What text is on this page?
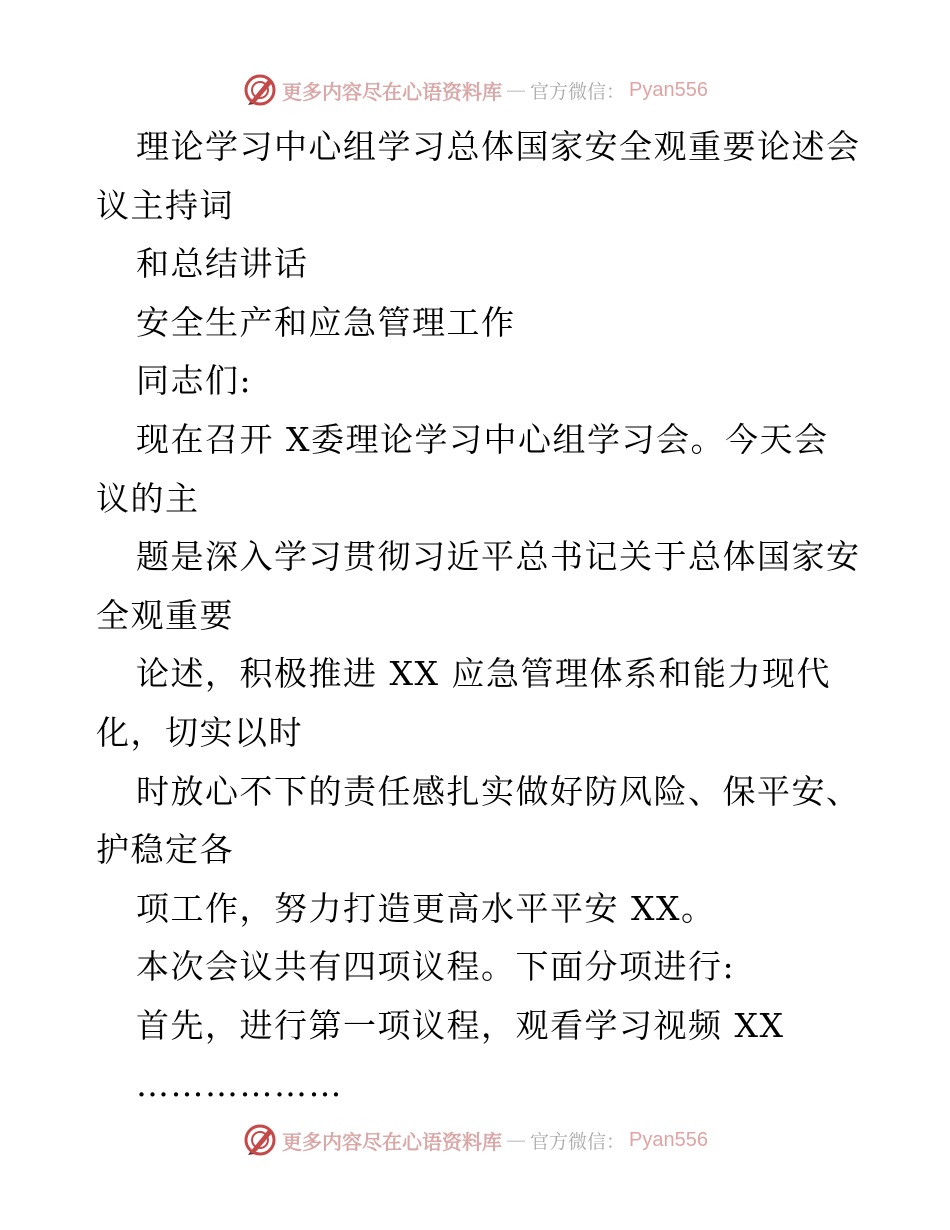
更多内容尽在心语资料库 — 官方微信： Pyan556
理论学习中心组学习总体国家安全观重要论述会
议主持词
和总结讲话
安全生产和应急管理工作
同志们:
现在召开 X委理论学习中心组学习会。今天会
议的主
题是深入学习贯彻习近平总书记关于总体国家安
全观重要
论述，积极推进 XX 应急管理体系和能力现代
化，切实以时
时放心不下的责任感扎实做好防风险、保平安、
护稳定各
项工作，努力打造更高水平平安 XX。
本次会议共有四项议程。下面分项进行:
首先，进行第一项议程，观看学习视频 XX
………………
更多内容尽在心语资料库 — 官方微信： Pyan556
